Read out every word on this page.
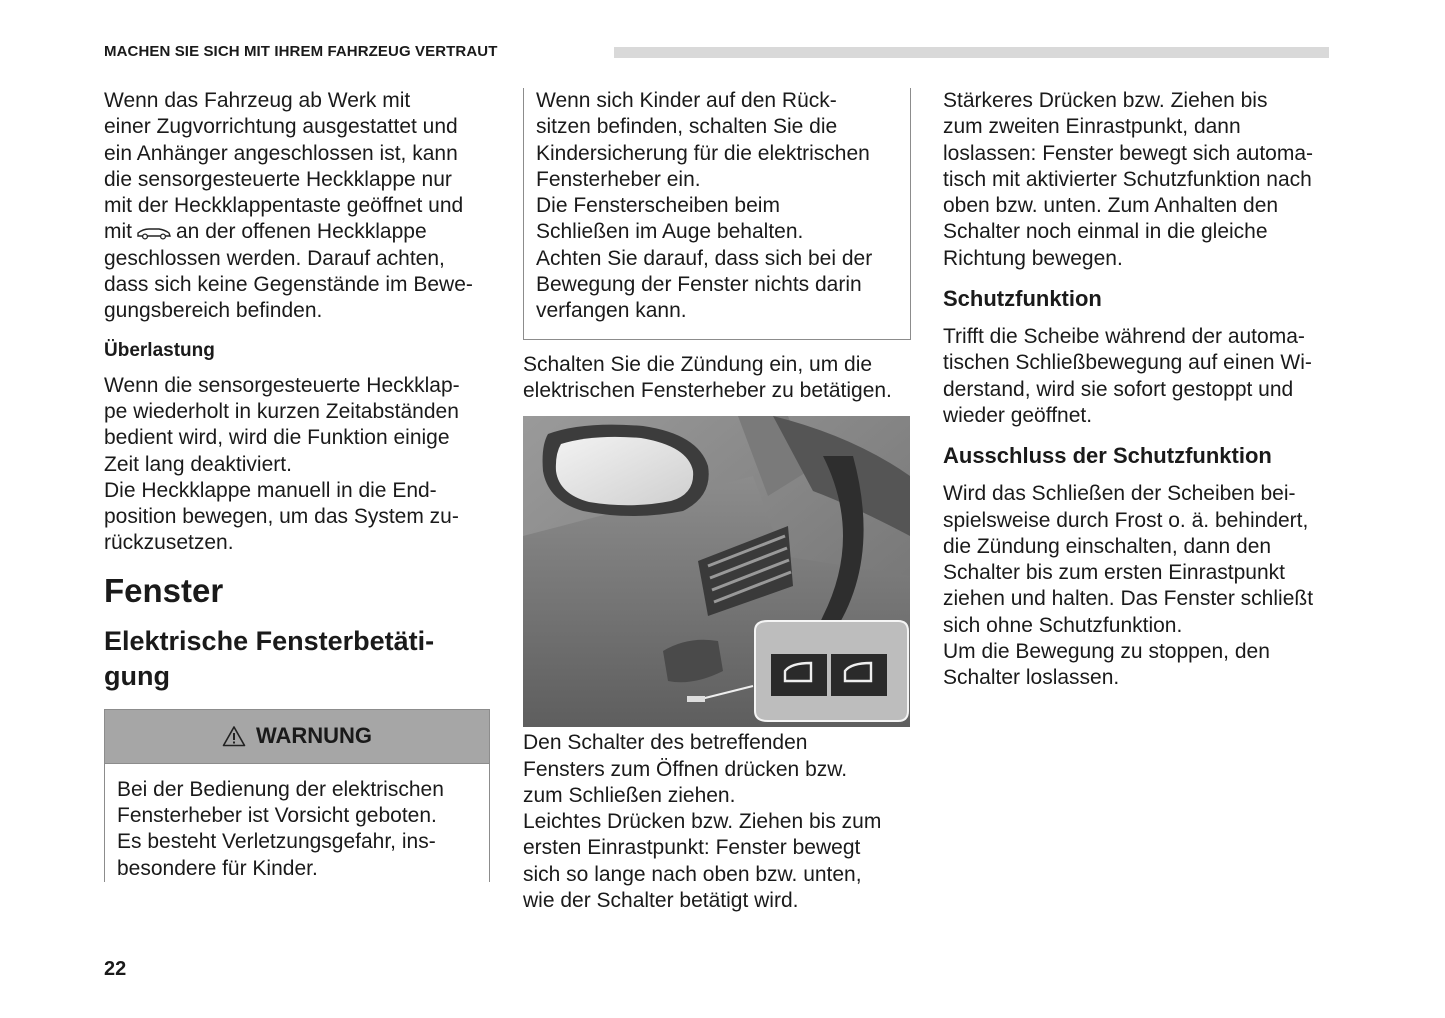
MACHEN SIE SICH MIT IHREM FAHRZEUG VERTRAUT

Wenn das Fahrzeug ab Werk mit
einer Zugvorrichtung ausgestattet und
ein Anhänger angeschlossen ist, kann
die sensorgesteuerte Heckklappe nur
mit der Heckklappentaste geöffnet und
mit an der offenen Heckklappe
geschlossen werden. Darauf achten,
dass sich keine Gegenstände im Bewe-
gungsbereich befinden.

Überlastung

Wenn die sensorgesteuerte Heckklap-
pe wiederholt in kurzen Zeitabständen
bedient wird, wird die Funktion einige
Zeit lang deaktiviert.
Die Heckklappe manuell in die End-
position bewegen, um das System zu-
rückzusetzen.

Fenster
Elektrische Fensterbetäti-
gung
WARNUNG
Bei der Bedienung der elektrischen
Fensterheber ist Vorsicht geboten.
Es besteht Verletzungsgefahr, ins-
besondere für Kinder.
Wenn sich Kinder auf den Rück-
sitzen befinden, schalten Sie die
Kindersicherung für die elektrischen
Fensterheber ein.
Die Fensterscheiben beim
Schließen im Auge behalten.
Achten Sie darauf, dass sich bei der
Bewegung der Fenster nichts darin
verfangen kann.

Schalten Sie die Zündung ein, um die
elektrischen Fensterheber zu betätigen.

Den Schalter des betreffenden
Fensters zum Öffnen drücken bzw.
zum Schließen ziehen.
Leichtes Drücken bzw. Ziehen bis zum
ersten Einrastpunkt: Fenster bewegt
sich so lange nach oben bzw. unten,
wie der Schalter betätigt wird.

Stärkeres Drücken bzw. Ziehen bis
zum zweiten Einrastpunkt, dann
loslassen: Fenster bewegt sich automa-
tisch mit aktivierter Schutzfunktion nach
oben bzw. unten. Zum Anhalten den
Schalter noch einmal in die gleiche
Richtung bewegen.

Schutzfunktion

Trifft die Scheibe während der automa-
tischen Schließbewegung auf einen Wi-
derstand, wird sie sofort gestoppt und
wieder geöffnet.

Ausschluss der Schutzfunktion

Wird das Schließen der Scheiben bei-
spielsweise durch Frost o. ä. behindert,
die Zündung einschalten, dann den
Schalter bis zum ersten Einrastpunkt
ziehen und halten. Das Fenster schließt
sich ohne Schutzfunktion.
Um die Bewegung zu stoppen, den
Schalter loslassen.

22
